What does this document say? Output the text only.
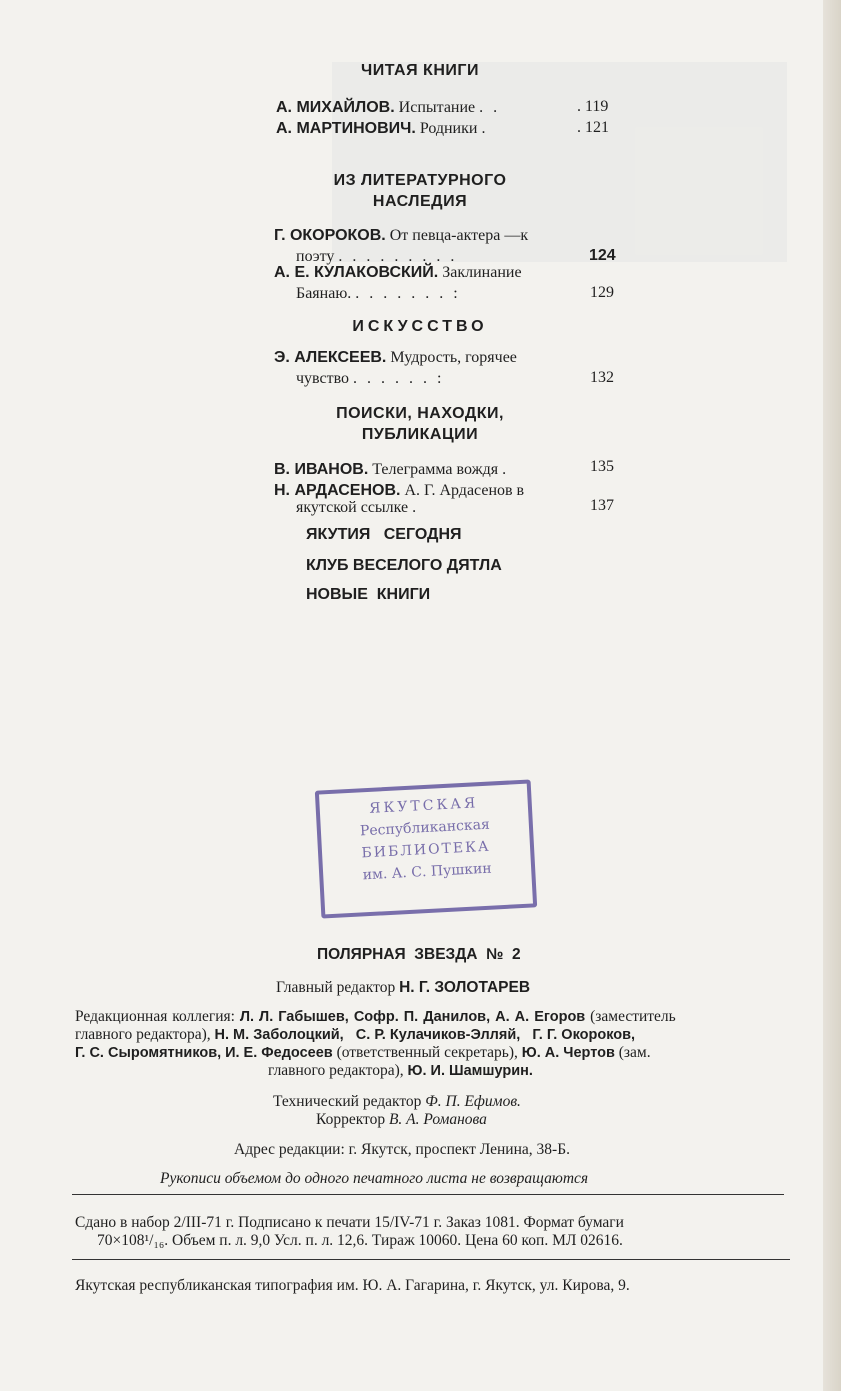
ЧИТАЯ КНИГИ
А. МИХАЙЛОВ. Испытание . .	. 119
А. МАРТИНОВИЧ. Родники .	. 121
ИЗ ЛИТЕРАТУРНОГО
НАСЛЕДИЯ
Г. ОКОРОКОВ. От певца-актера —к
поэту . . . . . . . . .	124
А. Е. КУЛАКОВСКИЙ. Заклинание
Баянаю. . . . . . . . :	129
ИСКУССТВО
Э. АЛЕКСЕЕВ. Мудрость, горячее
чувство . . . . . . :	132
ПОИСКИ, НАХОДКИ,
ПУБЛИКАЦИИ
В. ИВАНОВ. Телеграмма вождя .	135
Н. АРДАСЕНОВ. А. Г. Ардасенов в
якутской ссылке .	137
ЯКУТИЯ   СЕГОДНЯ
КЛУБ ВЕСЕЛОГО ДЯТЛА
НОВЫЕ  КНИГИ
ЯКУТСКАЯ
Республиканская
БИБЛИОТЕКА
им. А. С. Пушкин
ПОЛЯРНАЯ  ЗВЕЗДА  №  2
Главный редактор Н. Г. ЗОЛОТАРЕВ
Редакционная коллегия: Л. Л. Габышев, Софр. П. Данилов, А. А. Егоров (заместитель
главного редактора), Н. М. Заболоцкий,   С. Р. Кулачиков-Элляй,   Г. Г. Окороков,
Г. С. Сыромятников, И. Е. Федосеев (ответственный секретарь), Ю. А. Чертов (зам.
главного редактора), Ю. И. Шамшурин.
Технический редактор Ф. П. Ефимов.
Корректор В. А. Романова
Адрес редакции: г. Якутск, проспект Ленина, 38-Б.
Рукописи объемом до одного печатного листа не возвращаются
Сдано в набор 2/III-71 г. Подписано к печати 15/IV-71 г. Заказ 1081. Формат бумаги
70×108¹/₁₆. Объем п. л. 9,0 Усл. п. л. 12,6. Тираж 10060. Цена 60 коп. МЛ 02616.
Якутская республиканская типография им. Ю. А. Гагарина, г. Якутск, ул. Кирова, 9.
